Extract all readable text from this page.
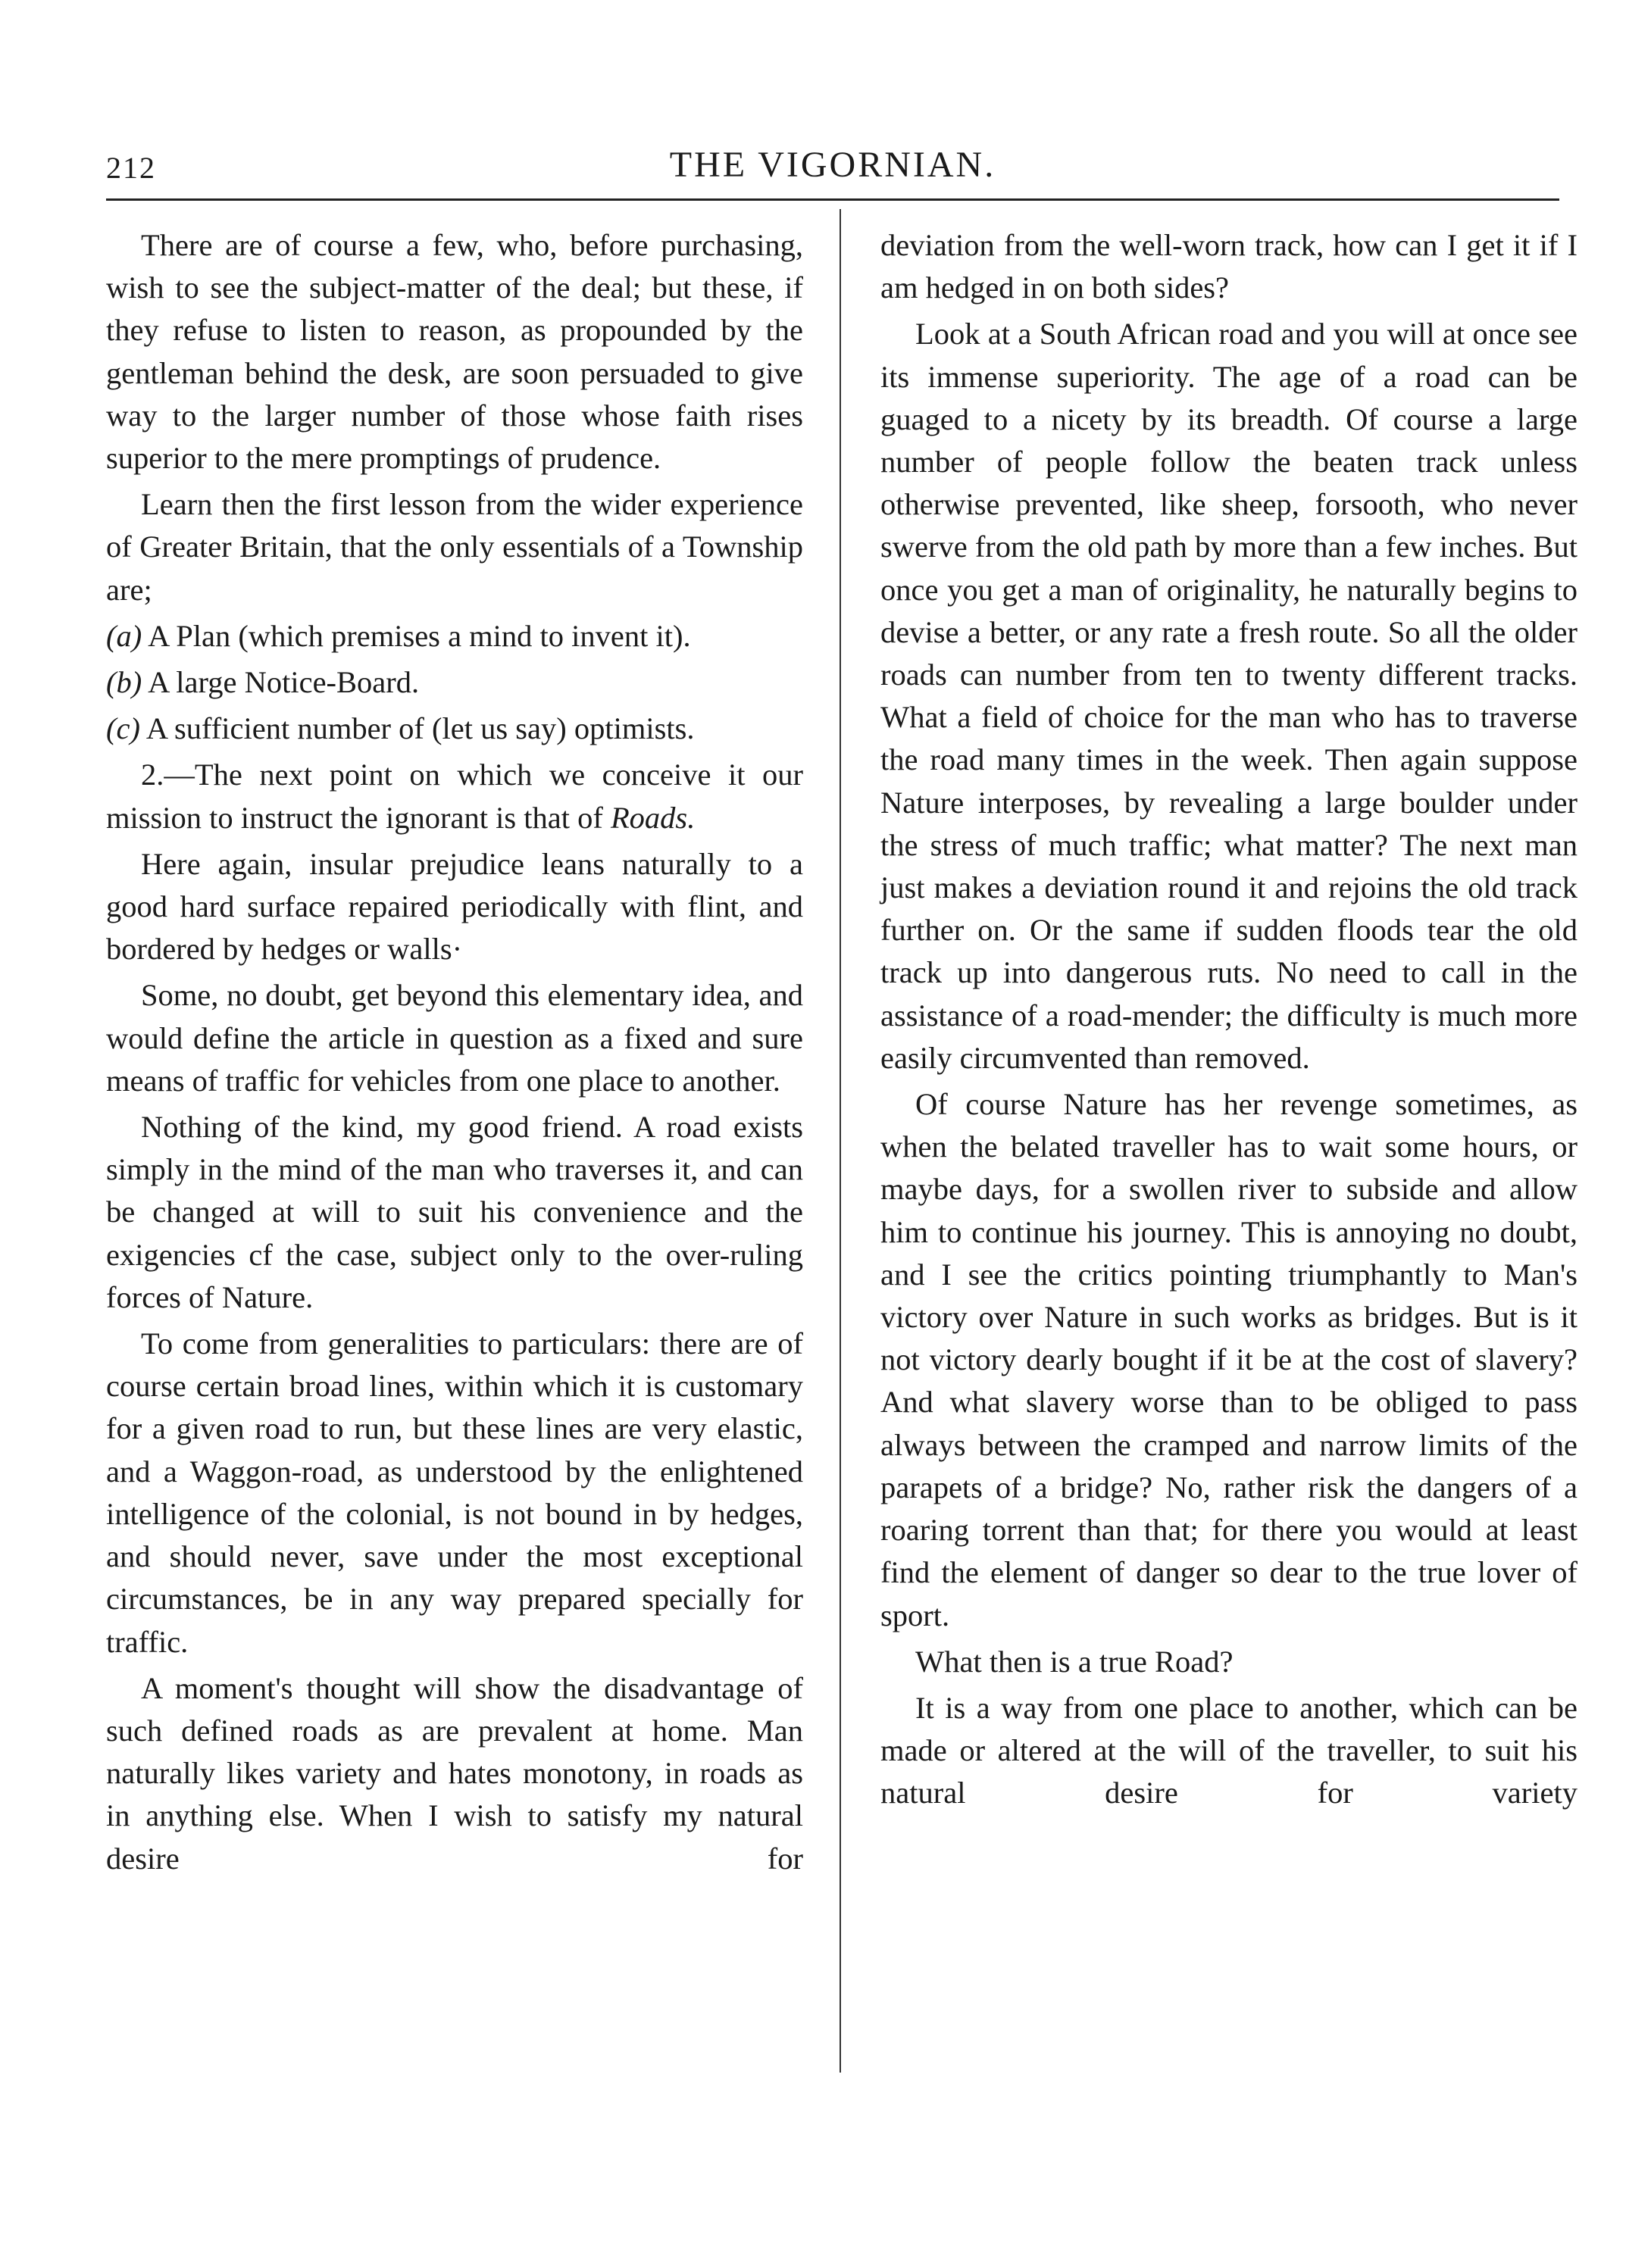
212	THE VIGORNIAN.

There are of course a few, who, before purchasing, wish to see the subject-matter of the deal; but these, if they refuse to listen to reason, as propounded by the gentleman behind the desk, are soon persuaded to give way to the larger number of those whose faith rises superior to the mere promptings of prudence.

Learn then the first lesson from the wider experience of Greater Britain, that the only essentials of a Township are;

(a) A Plan (which premises a mind to invent it).

(b) A large Notice-Board.

(c) A sufficient number of (let us say) optimists.

2.—The next point on which we conceive it our mission to instruct the ignorant is that of Roads.

Here again, insular prejudice leans naturally to a good hard surface repaired periodically with flint, and bordered by hedges or walls·

Some, no doubt, get beyond this elementary idea, and would define the article in question as a fixed and sure means of traffic for vehicles from one place to another.

Nothing of the kind, my good friend. A road exists simply in the mind of the man who traverses it, and can be changed at will to suit his convenience and the exigencies cf the case, subject only to the over-ruling forces of Nature.

To come from generalities to particulars: there are of course certain broad lines, within which it is customary for a given road to run, but these lines are very elastic, and a Waggon-road, as understood by the enlightened intelligence of the colonial, is not bound in by hedges, and should never, save under the most exceptional circumstances, be in any way prepared specially for traffic.

A moment's thought will show the disadvantage of such defined roads as are prevalent at home. Man naturally likes variety and hates monotony, in roads as in anything else. When I wish to satisfy my natural desire for

deviation from the well-worn track, how can I get it if I am hedged in on both sides?

Look at a South African road and you will at once see its immense superiority. The age of a road can be guaged to a nicety by its breadth. Of course a large number of people follow the beaten track unless otherwise prevented, like sheep, forsooth, who never swerve from the old path by more than a few inches. But once you get a man of originality, he naturally begins to devise a better, or any rate a fresh route. So all the older roads can number from ten to twenty different tracks. What a field of choice for the man who has to traverse the road many times in the week. Then again suppose Nature interposes, by revealing a large boulder under the stress of much traffic; what matter? The next man just makes a deviation round it and rejoins the old track further on. Or the same if sudden floods tear the old track up into dangerous ruts. No need to call in the assistance of a road-mender; the difficulty is much more easily circumvented than removed.

Of course Nature has her revenge sometimes, as when the belated traveller has to wait some hours, or maybe days, for a swollen river to subside and allow him to continue his journey. This is annoying no doubt, and I see the critics pointing triumphantly to Man's victory over Nature in such works as bridges. But is it not victory dearly bought if it be at the cost of slavery? And what slavery worse than to be obliged to pass always between the cramped and narrow limits of the parapets of a bridge? No, rather risk the dangers of a roaring torrent than that; for there you would at least find the element of danger so dear to the true lover of sport.

What then is a true Road?

It is a way from one place to another, which can be made or altered at the will of the traveller, to suit his natural desire for variety
